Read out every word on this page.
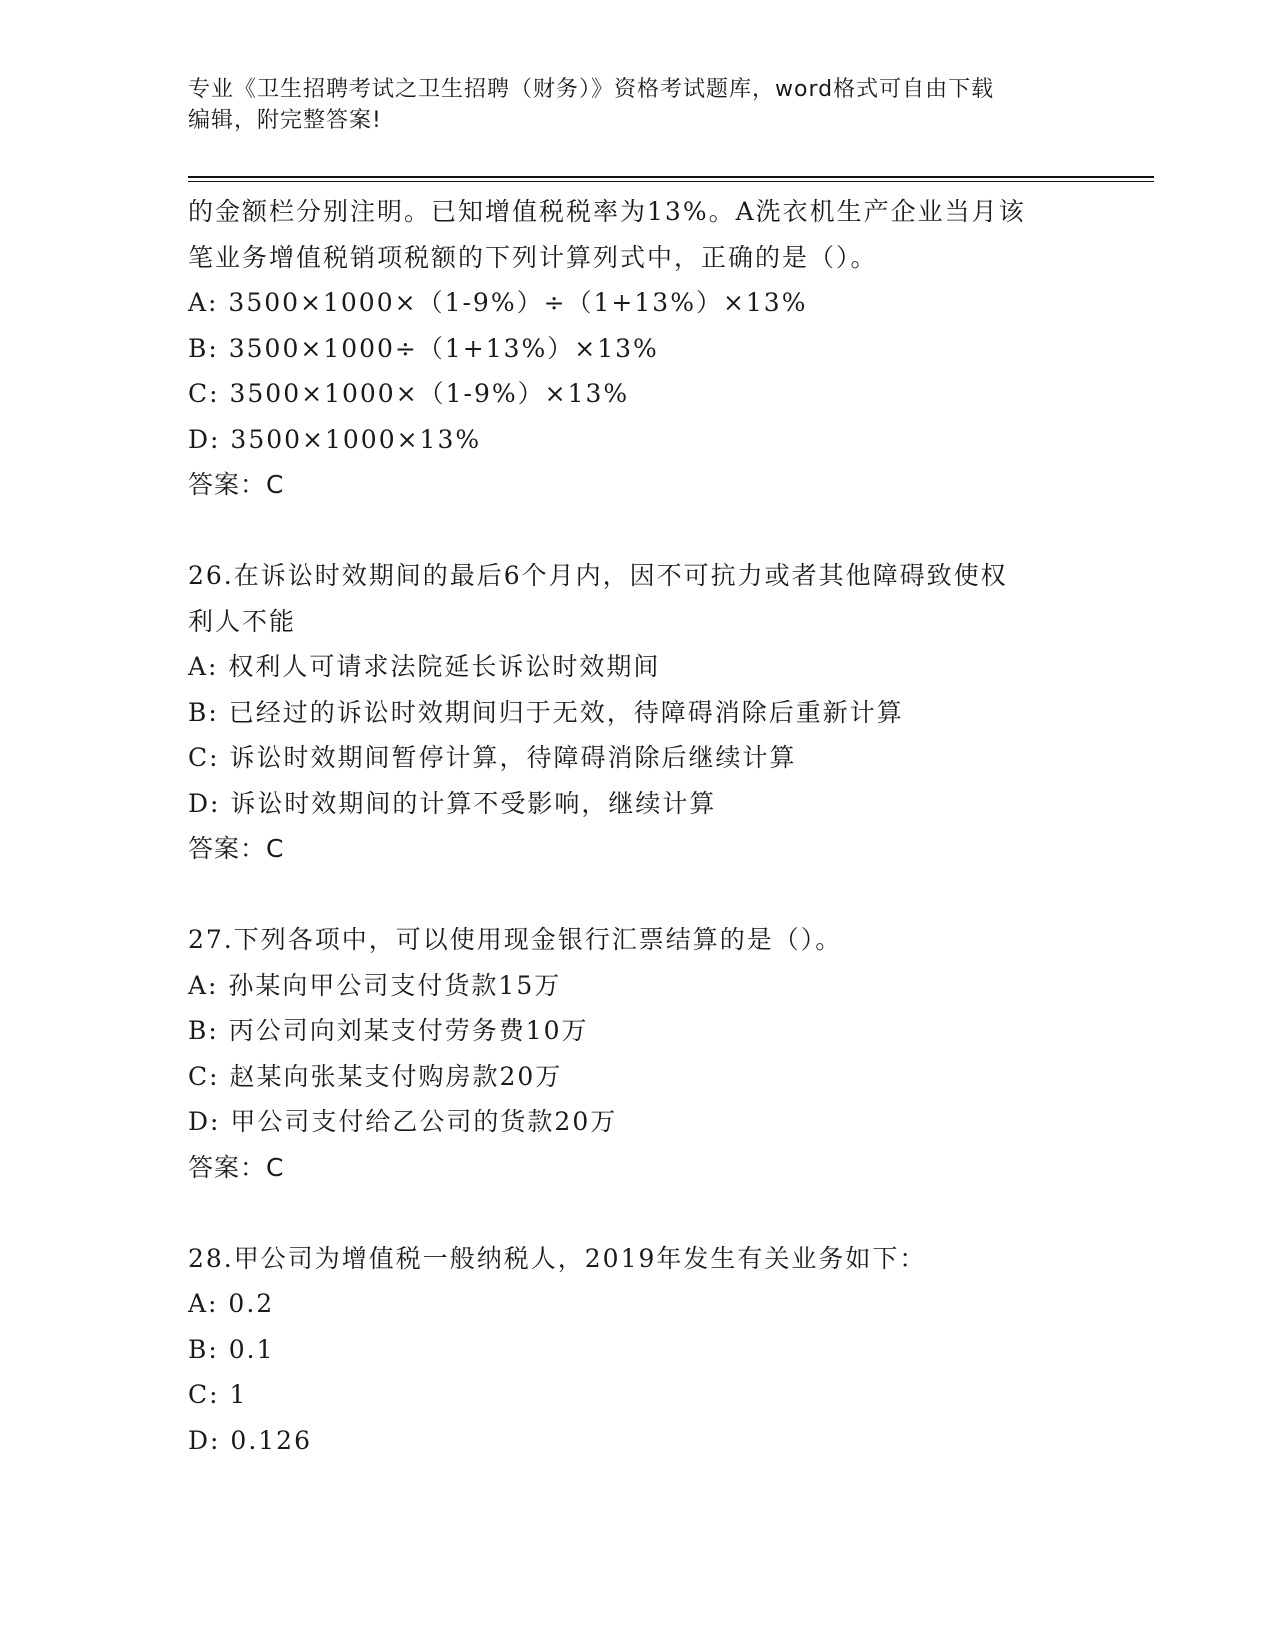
专业《卫生招聘考试之卫生招聘（财务）》资格考试题库，word格式可自由下载
编辑，附完整答案!

的金额栏分别注明。已知增值税税率为13%。A洗衣机生产企业当月该

笔业务增值税销项税额的下列计算列式中，正确的是（）。

A: 3500×1000×（1-9%）÷（1+13%）×13%

B: 3500×1000÷（1+13%）×13%

C: 3500×1000×（1-9%）×13%

D: 3500×1000×13%

答案：C

26.在诉讼时效期间的最后6个月内，因不可抗力或者其他障碍致使权

利人不能

A: 权利人可请求法院延长诉讼时效期间

B: 已经过的诉讼时效期间归于无效，待障碍消除后重新计算

C: 诉讼时效期间暂停计算，待障碍消除后继续计算

D: 诉讼时效期间的计算不受影响，继续计算

答案：C

27.下列各项中，可以使用现金银行汇票结算的是（）。

A: 孙某向甲公司支付货款15万

B: 丙公司向刘某支付劳务费10万

C: 赵某向张某支付购房款20万

D: 甲公司支付给乙公司的货款20万

答案：C

28.甲公司为增值税一般纳税人，2019年发生有关业务如下：

A: 0.2

B: 0.1

C: 1

D: 0.126
